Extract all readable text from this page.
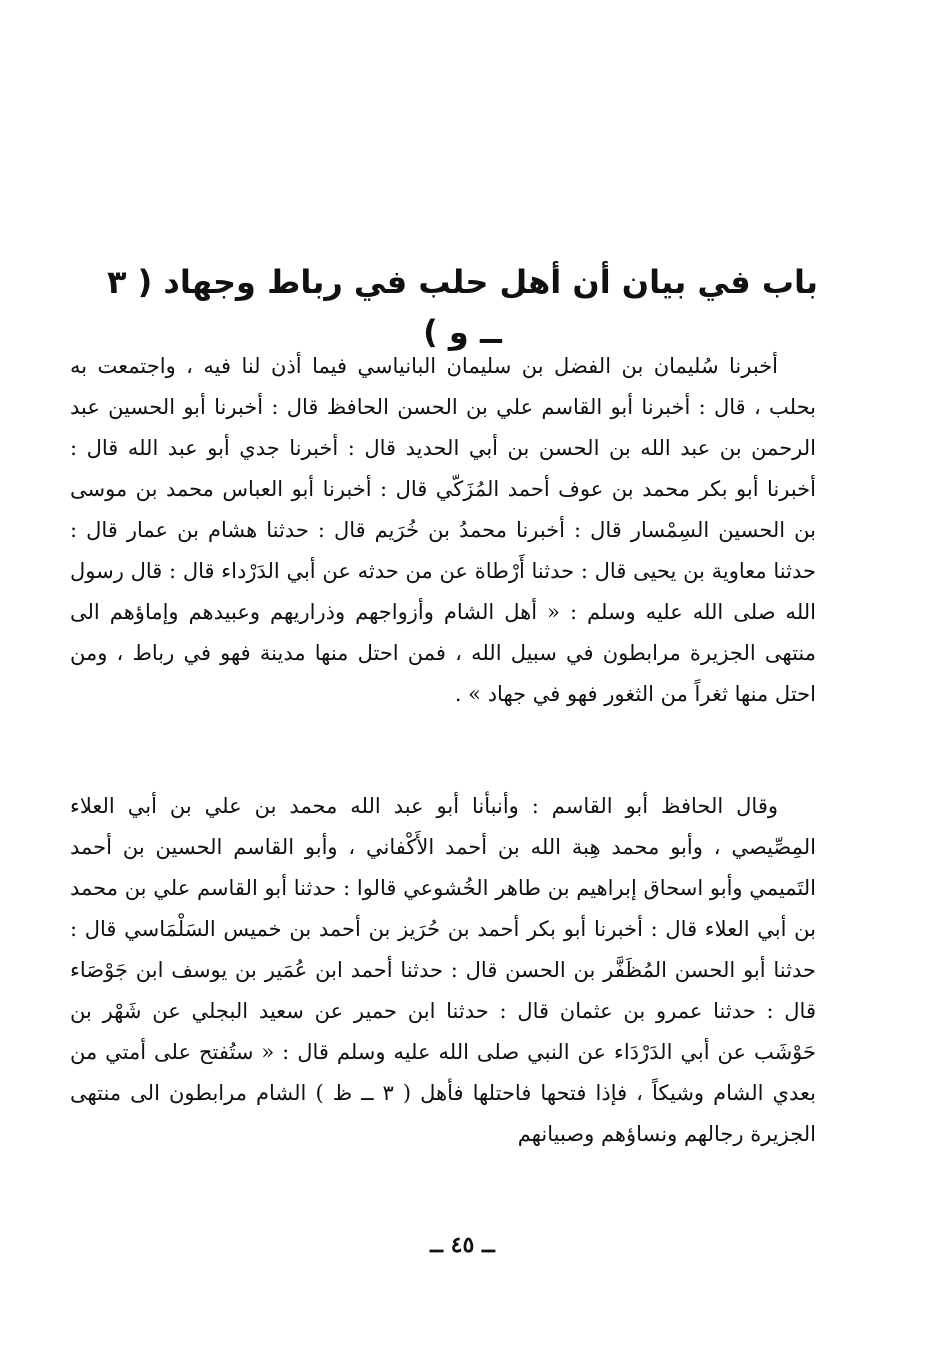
باب في بيان أن أهل حلب في رباط وجهاد ( ٣ ــ و )

أخبرنا سُليمان بن الفضل بن سليمان البانياسي فيما أذن لنا فيه ، واجتمعت به بحلب ، قال : أخبرنا أبو القاسم علي بن الحسن الحافظ قال : أخبرنا أبو الحسين عبد الرحمن بن عبد الله بن الحسن بن أبي الحديد قال : أخبرنا جدي أبو عبد الله قال : أخبرنا أبو بكر محمد بن عوف أحمد المُزَكّي قال : أخبرنا أبو العباس محمد بن موسى بن الحسين السِمْسار قال : أخبرنا محمدُ بن خُرَيم قال : حدثنا هشام بن عمار قال : حدثنا معاوية بن يحيى قال : حدثنا أَرْطاة عن من حدثه عن أبي الدَرْداء قال : قال رسول الله صلى الله عليه وسلم : « أهل الشام وأزواجهم وذراريهم وعبيدهم وإماؤهم الى منتهى الجزيرة مرابطون في سبيل الله ، فمن احتل منها مدينة فهو في رباط ، ومن احتل منها ثغراً من الثغور فهو في جهاد » .

وقال الحافظ أبو القاسم : وأنبأنا أبو عبد الله محمد بن علي بن أبي العلاء المِصِّيصي ، وأبو محمد هِبة الله بن أحمد الأَكْفاني ، وأبو القاسم الحسين بن أحمد التَميمي وأبو اسحاق إبراهيم بن طاهر الخُشوعي قالوا : حدثنا أبو القاسم علي بن محمد بن أبي العلاء قال : أخبرنا أبو بكر أحمد بن حُرَيز بن أحمد بن خميس السَلْمَاسي قال : حدثنا أبو الحسن المُظَفَّر بن الحسن قال : حدثنا أحمد ابن عُمَير بن يوسف ابن جَوْصَاء قال : حدثنا عمرو بن عثمان قال : حدثنا ابن حمير عن سعيد البجلي عن شَهْر بن حَوْشَب عن أبي الدَرْدَاء عن النبي صلى الله عليه وسلم قال : « ستُفتح على أمتي من بعدي الشام وشيكاً ، فإذا فتحها فاحتلها فأهل ( ٣ ــ ظ ) الشام مرابطون الى منتهى الجزيرة رجالهم ونساؤهم وصبيانهم

ــ ٤٥ ــ
